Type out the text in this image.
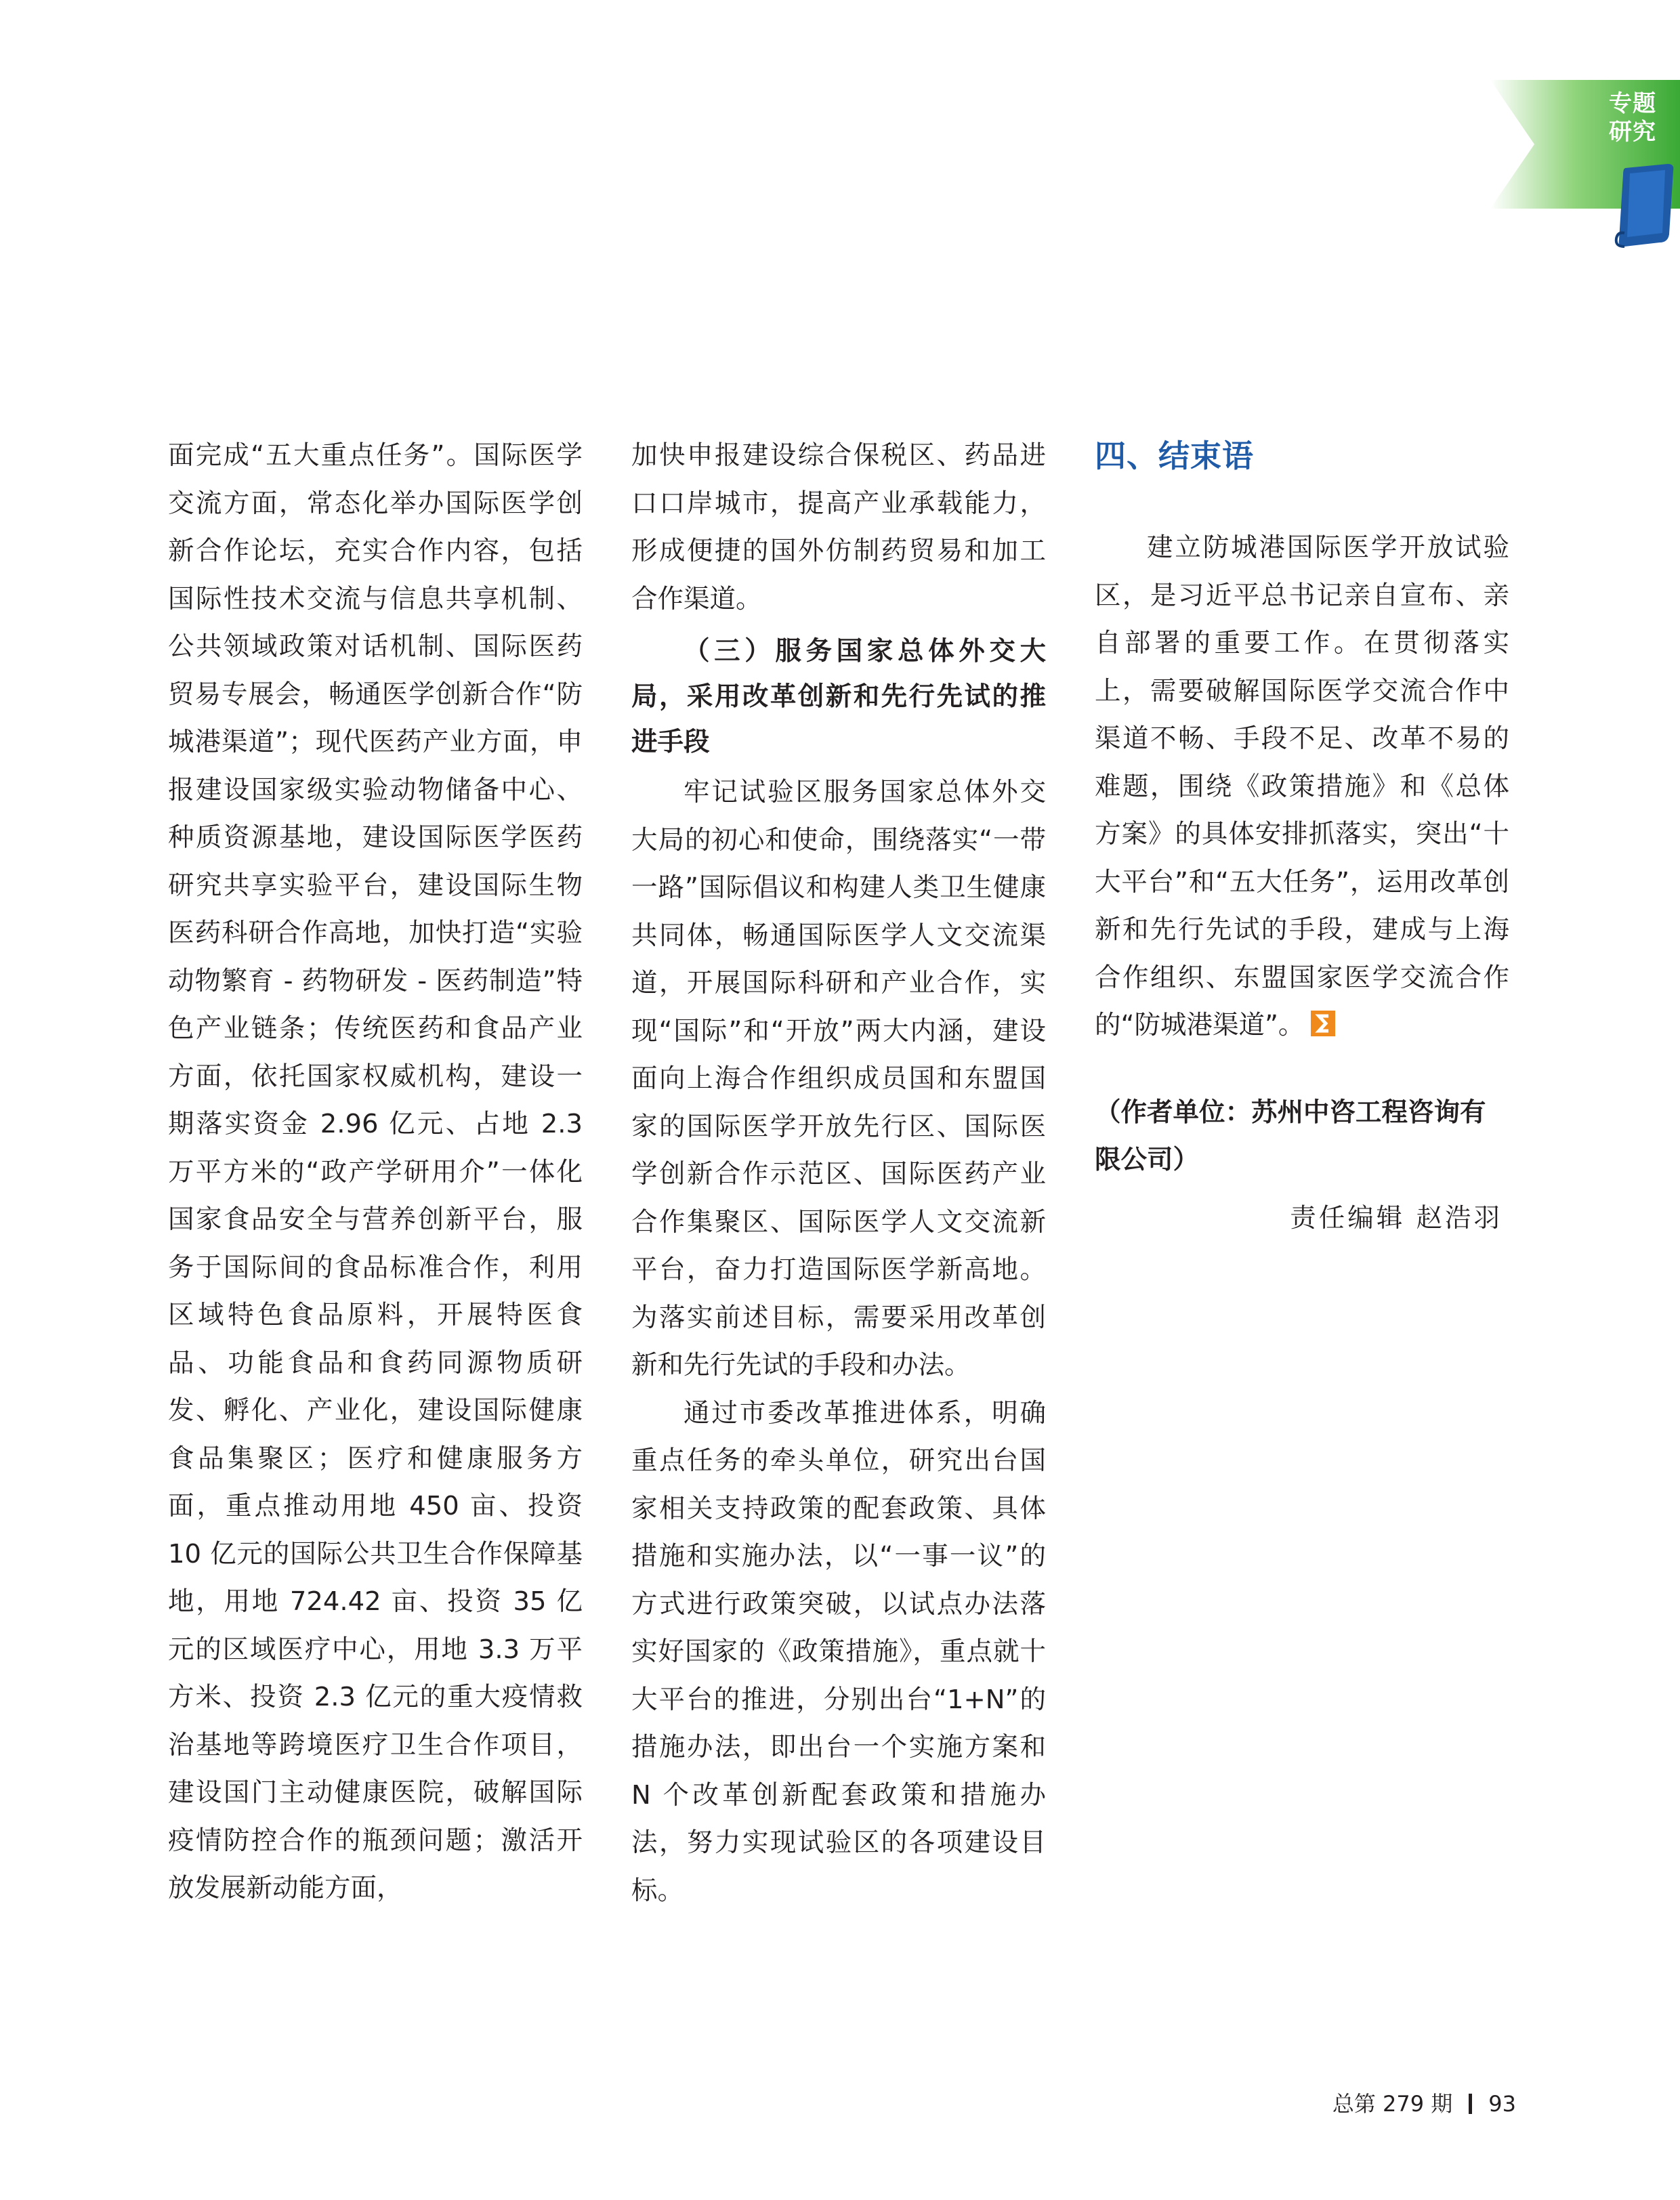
专题
研究

面完成“五大重点任务”。国际医学交流方面，常态化举办国际医学创新合作论坛，充实合作内容，包括国际性技术交流与信息共享机制、公共领域政策对话机制、国际医药贸易专展会，畅通医学创新合作“防城港渠道”；现代医药产业方面，申报建设国家级实验动物储备中心、种质资源基地，建设国际医学医药研究共享实验平台，建设国际生物医药科研合作高地，加快打造“实验动物繁育 - 药物研发 - 医药制造”特色产业链条；传统医药和食品产业方面，依托国家权威机构，建设一期落实资金 2.96 亿元、占地 2.3 万平方米的“政产学研用介”一体化国家食品安全与营养创新平台，服务于国际间的食品标准合作，利用区域特色食品原料，开展特医食品、功能食品和食药同源物质研发、孵化、产业化，建设国际健康食品集聚区；医疗和健康服务方面，重点推动用地 450 亩、投资 10 亿元的国际公共卫生合作保障基地，用地 724.42 亩、投资 35 亿元的区域医疗中心，用地 3.3 万平方米、投资 2.3 亿元的重大疫情救治基地等跨境医疗卫生合作项目，建设国门主动健康医院，破解国际疫情防控合作的瓶颈问题；激活开放发展新动能方面，

加快申报建设综合保税区、药品进口口岸城市，提高产业承载能力，形成便捷的国外仿制药贸易和加工合作渠道。

（三）服务国家总体外交大局，采用改革创新和先行先试的推进手段

牢记试验区服务国家总体外交大局的初心和使命，围绕落实“一带一路”国际倡议和构建人类卫生健康共同体，畅通国际医学人文交流渠道，开展国际科研和产业合作，实现“国际”和“开放”两大内涵，建设面向上海合作组织成员国和东盟国家的国际医学开放先行区、国际医学创新合作示范区、国际医药产业合作集聚区、国际医学人文交流新平台，奋力打造国际医学新高地。为落实前述目标，需要采用改革创新和先行先试的手段和办法。

通过市委改革推进体系，明确重点任务的牵头单位，研究出台国家相关支持政策的配套政策、具体措施和实施办法，以“一事一议”的方式进行政策突破，以试点办法落实好国家的《政策措施》，重点就十大平台的推进，分别出台“1+N”的措施办法，即出台一个实施方案和 N 个改革创新配套政策和措施办法，努力实现试验区的各项建设目标。

四、结束语

建立防城港国际医学开放试验区，是习近平总书记亲自宣布、亲自部署的重要工作。在贯彻落实上，需要破解国际医学交流合作中渠道不畅、手段不足、改革不易的难题，围绕《政策措施》和《总体方案》的具体安排抓落实，突出“十大平台”和“五大任务”，运用改革创新和先行先试的手段，建成与上海合作组织、东盟国家医学交流合作的“防城港渠道”。

（作者单位：苏州中咨工程咨询有限公司）
责任编辑 赵浩羽
总第 279 期 93
